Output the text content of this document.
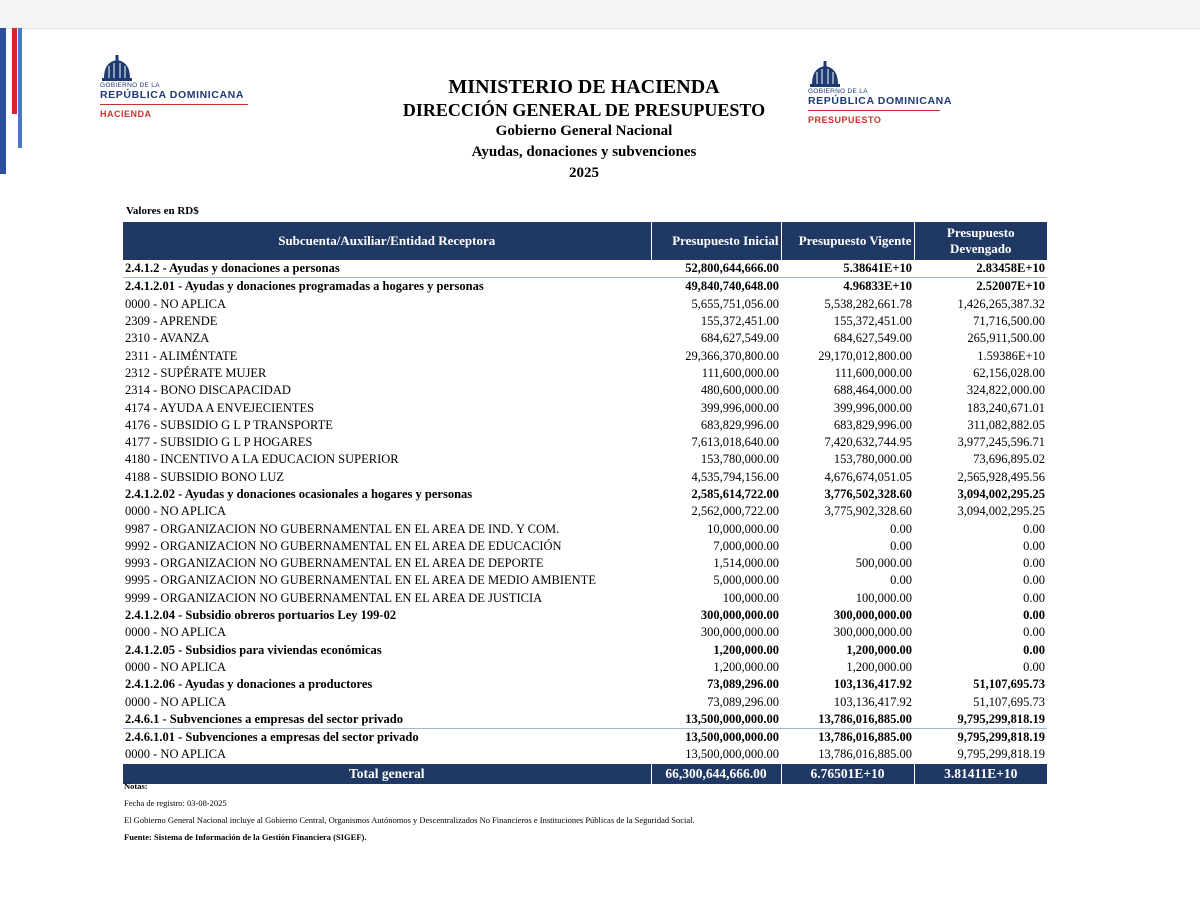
GOBIERNO DE LA
REPÚBLICA DOMINICANA
HACIENDA
GOBIERNO DE LA
REPÚBLICA DOMINICANA
PRESUPUESTO
MINISTERIO DE HACIENDA
DIRECCIÓN GENERAL DE PRESUPUESTO
Gobierno General Nacional
Ayudas, donaciones y subvenciones
2025
Valores en RD$
Subcuenta/Auxiliar/Entidad Receptora	Presupuesto Inicial	Presupuesto Vigente	Presupuesto Devengado
2.4.1.2 - Ayudas y donaciones a personas	52,800,644,666.00	5.38641E+10	2.83458E+10
2.4.1.2.01 - Ayudas y donaciones programadas a hogares y personas	49,840,740,648.00	4.96833E+10	2.52007E+10
0000 - NO APLICA	5,655,751,056.00	5,538,282,661.78	1,426,265,387.32
2309 - APRENDE	155,372,451.00	155,372,451.00	71,716,500.00
2310 - AVANZA	684,627,549.00	684,627,549.00	265,911,500.00
2311 - ALIMÉNTATE	29,366,370,800.00	29,170,012,800.00	1.59386E+10
2312 - SUPÉRATE MUJER	111,600,000.00	111,600,000.00	62,156,028.00
2314 - BONO DISCAPACIDAD	480,600,000.00	688,464,000.00	324,822,000.00
4174 - AYUDA A ENVEJECIENTES	399,996,000.00	399,996,000.00	183,240,671.01
4176 - SUBSIDIO G L P TRANSPORTE	683,829,996.00	683,829,996.00	311,082,882.05
4177 - SUBSIDIO G L P HOGARES	7,613,018,640.00	7,420,632,744.95	3,977,245,596.71
4180 - INCENTIVO A LA EDUCACION SUPERIOR	153,780,000.00	153,780,000.00	73,696,895.02
4188 - SUBSIDIO BONO LUZ	4,535,794,156.00	4,676,674,051.05	2,565,928,495.56
2.4.1.2.02 - Ayudas y donaciones ocasionales a hogares y personas	2,585,614,722.00	3,776,502,328.60	3,094,002,295.25
0000 - NO APLICA	2,562,000,722.00	3,775,902,328.60	3,094,002,295.25
9987 - ORGANIZACION NO GUBERNAMENTAL EN EL AREA DE IND. Y COM.	10,000,000.00	0.00	0.00
9992 - ORGANIZACION NO GUBERNAMENTAL EN EL AREA DE EDUCACIÓN	7,000,000.00	0.00	0.00
9993 - ORGANIZACION NO GUBERNAMENTAL EN EL AREA DE DEPORTE	1,514,000.00	500,000.00	0.00
9995 - ORGANIZACION NO GUBERNAMENTAL EN EL AREA DE MEDIO AMBIENTE	5,000,000.00	0.00	0.00
9999 - ORGANIZACION NO GUBERNAMENTAL EN EL AREA DE JUSTICIA	100,000.00	100,000.00	0.00
2.4.1.2.04 - Subsidio obreros portuarios Ley 199-02	300,000,000.00	300,000,000.00	0.00
0000 - NO APLICA	300,000,000.00	300,000,000.00	0.00
2.4.1.2.05 - Subsidios para viviendas económicas	1,200,000.00	1,200,000.00	0.00
0000 - NO APLICA	1,200,000.00	1,200,000.00	0.00
2.4.1.2.06 - Ayudas y donaciones a productores	73,089,296.00	103,136,417.92	51,107,695.73
0000 - NO APLICA	73,089,296.00	103,136,417.92	51,107,695.73
2.4.6.1 - Subvenciones a empresas del sector privado	13,500,000,000.00	13,786,016,885.00	9,795,299,818.19
2.4.6.1.01 - Subvenciones a empresas del sector privado	13,500,000,000.00	13,786,016,885.00	9,795,299,818.19
0000 - NO APLICA	13,500,000,000.00	13,786,016,885.00	9,795,299,818.19
Total general	66,300,644,666.00	6.76501E+10	3.81411E+10
Notas:
Fecha de registro: 03-08-2025
El Gobierno General Nacional incluye al Gobierno Central, Organismos Autónomos y Descentralizados No Financieros e Instituciones Públicas de la Seguridad Social.
Fuente: Sistema de Información de la Gestión Financiera (SIGEF).
